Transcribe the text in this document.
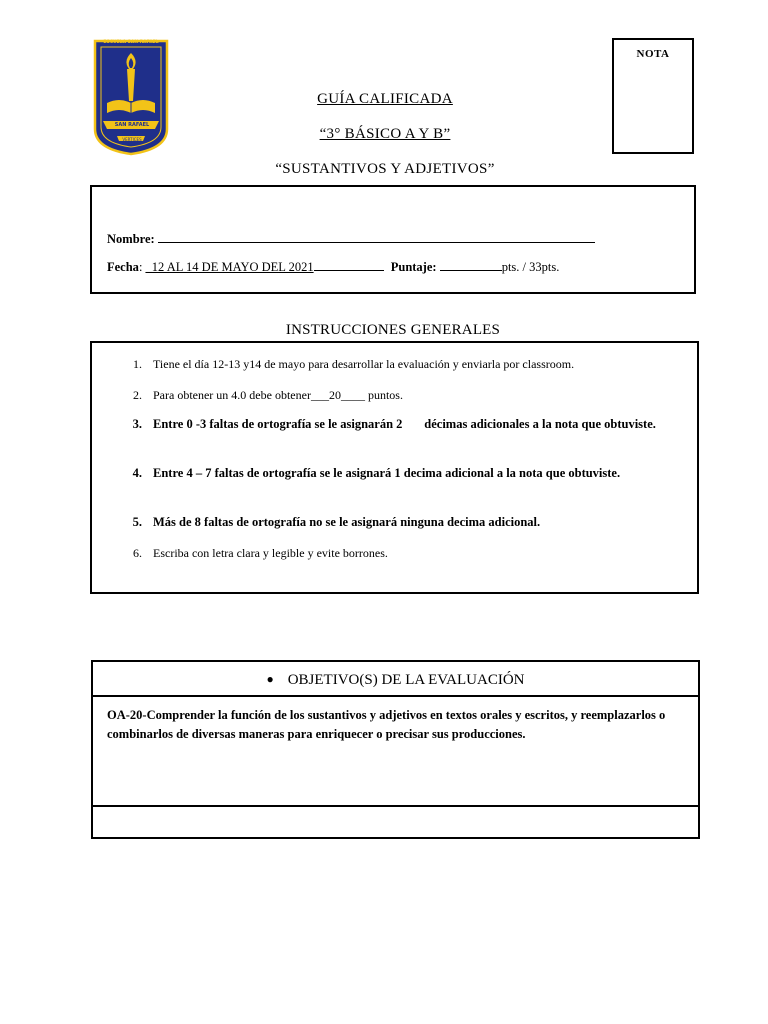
ESCUELA SAN RAFAEL
SAN RAFAEL
VERTICES
GUÍA CALIFICADA
“3° BÁSICO A Y B”
“SUSTANTIVOS Y ADJETIVOS”
NOTA
Nombre:
Fecha: _12 AL 14 DE MAYO DEL 2021	Puntaje:	pts. / 33pts.
INSTRUCCIONES GENERALES
1. Tiene el día 12-13 y14 de mayo para desarrollar la evaluación y enviarla por classroom.
2. Para obtener un 4.0 debe obtener___20____ puntos.
3. Entre 0 -3 faltas de ortografía se le asignarán 2       décimas adicionales a la nota que obtuviste.
4. Entre 4 – 7 faltas de ortografía se le asignará 1 decima adicional a la nota que obtuviste.
5. Más de 8 faltas de ortografía no se le asignará ninguna decima adicional.
6. Escriba con letra clara y legible y evite borrones.
● OBJETIVO(S) DE LA EVALUACIÓN
OA-20-Comprender la función de los sustantivos y adjetivos en textos orales y escritos, y reemplazarlos o combinarlos de diversas maneras para enriquecer o precisar sus producciones.
